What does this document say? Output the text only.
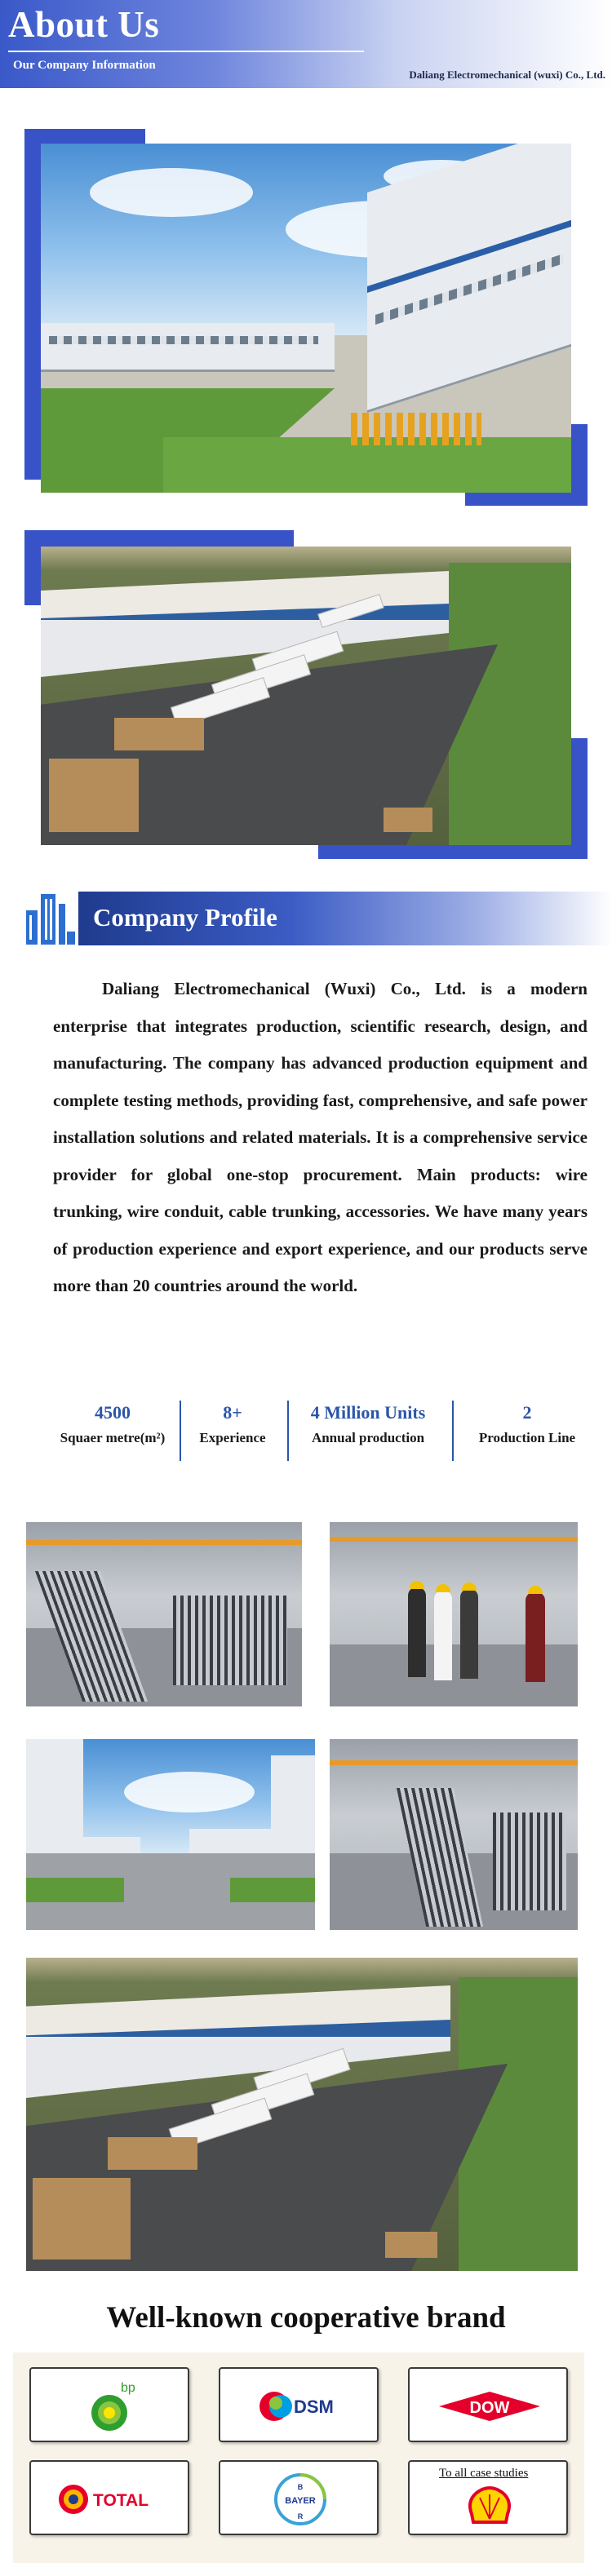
About Us
Our Company Information
Daliang Electromechanical (wuxi) Co., Ltd.
Company Profile

Daliang Electromechanical (Wuxi) Co., Ltd. is a modern enterprise that integrates production, scientific research, design, and manufacturing. The company has advanced production equipment and complete testing methods, providing fast, comprehensive, and safe power installation solutions and related materials. It is a comprehensive service provider for global one-stop procurement. Main products: wire trunking, wire conduit, cable trunking, accessories. We have many years of production experience and export experience, and our products serve more than 20 countries around the world.

4500
Squaer metre(m²)
8+
Experience
4 Million Units
Annual production
2
Production Line
Well-known cooperative brand
bp
DSM	DOW
TOTAL	BAYER
B
R
To all case studies
